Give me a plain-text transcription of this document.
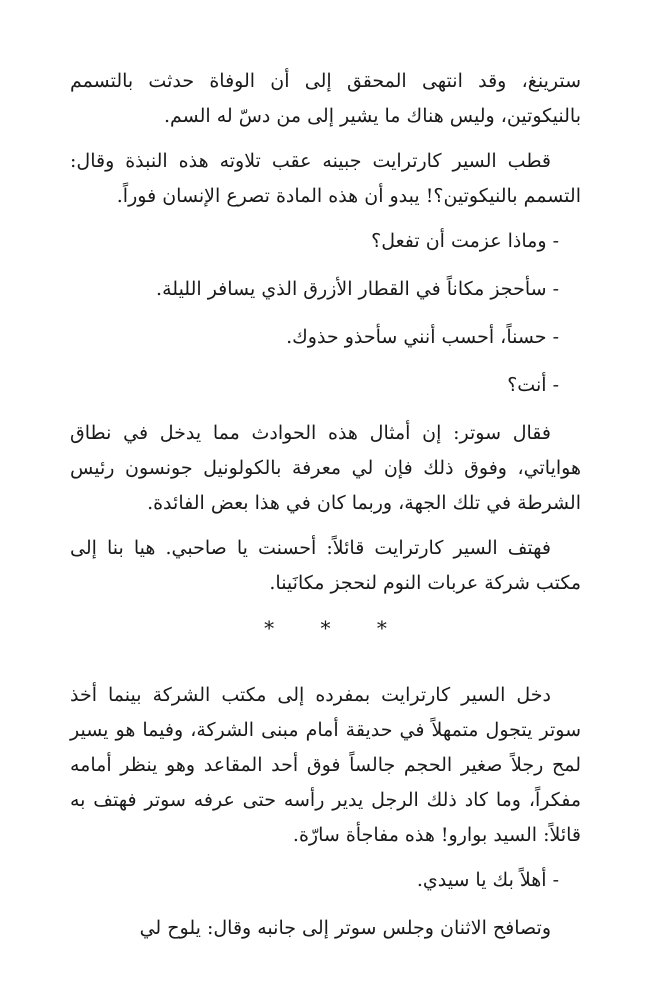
سترينغ، وقد انتهى المحقق إلى أن الوفاة حدثت بالتسمم بالنيكوتين، وليس هناك ما يشير إلى من دسّ له السم.

قطب السير كارترايت جبينه عقب تلاوته هذه النبذة وقال: التسمم بالنيكوتين؟! يبدو أن هذه المادة تصرع الإنسان فوراً.

- وماذا عزمت أن تفعل؟

- سأحجز مكاناً في القطار الأزرق الذي يسافر الليلة.

- حسناً، أحسب أنني سأحذو حذوك.

- أنت؟

فقال سوتر: إن أمثال هذه الحوادث مما يدخل في نطاق هواياتي، وفوق ذلك فإن لي معرفة بالكولونيل جونسون رئيس الشرطة في تلك الجهة، وربما كان في هذا بعض الفائدة.

فهتف السير كارترايت قائلاً: أحسنت يا صاحبي. هيا بنا إلى مكتب شركة عربات النوم لنحجز مكانَينا.

* * *

دخل السير كارترايت بمفرده إلى مكتب الشركة بينما أخذ سوتر يتجول متمهلاً في حديقة أمام مبنى الشركة، وفيما هو يسير لمح رجلاً صغير الحجم جالساً فوق أحد المقاعد وهو ينظر أمامه مفكراً، وما كاد ذلك الرجل يدير رأسه حتى عرفه سوتر فهتف به قائلاً: السيد بوارو! هذه مفاجأة سارّة.

- أهلاً بك يا سيدي.

وتصافح الاثنان وجلس سوتر إلى جانبه وقال: يلوح لي
